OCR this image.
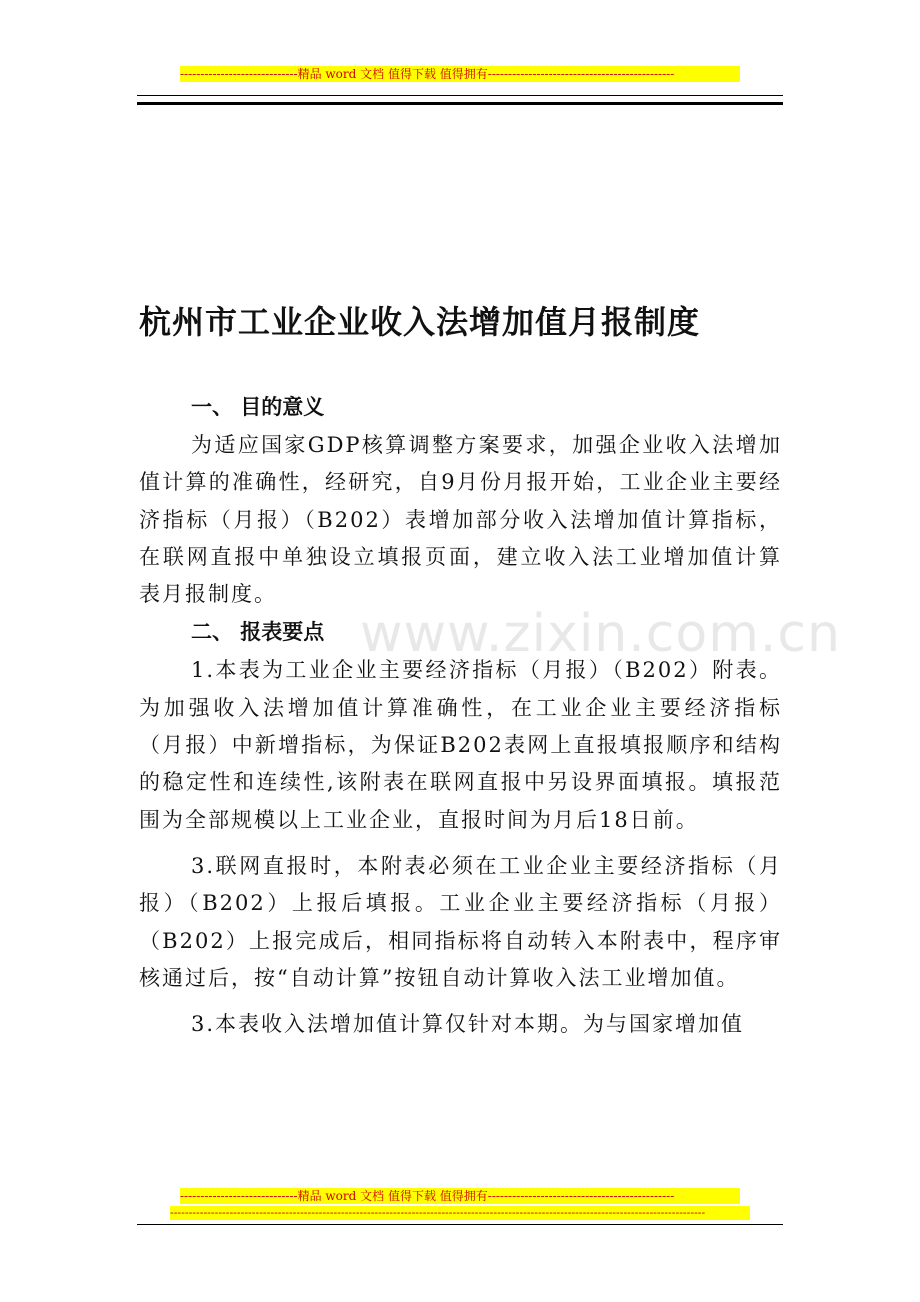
-----------------------------精品 word 文档 值得下载 值得拥有----------------------------------------------
www.zixin.com.cn
杭州市工业企业收入法增加值月报制度
一、 目的意义

为适应国家GDP核算调整方案要求，加强企业收入法增加值计算的准确性，经研究，自9月份月报开始，工业企业主要经济指标（月报）（B202）表增加部分收入法增加值计算指标，在联网直报中单独设立填报页面，建立收入法工业增加值计算表月报制度。

二、 报表要点

1.本表为工业企业主要经济指标（月报）（B202）附表。为加强收入法增加值计算准确性，在工业企业主要经济指标（月报）中新增指标，为保证B202表网上直报填报顺序和结构的稳定性和连续性,该附表在联网直报中另设界面填报。填报范围为全部规模以上工业企业，直报时间为月后18日前。

3.联网直报时，本附表必须在工业企业主要经济指标（月报）（B202）上报后填报。工业企业主要经济指标（月报）（B202）上报完成后，相同指标将自动转入本附表中，程序审核通过后，按“自动计算”按钮自动计算收入法工业增加值。

3.本表收入法增加值计算仅针对本期。为与国家增加值

-----------------------------精品 word 文档 值得下载 值得拥有----------------------------------------------
------------------------------------------------------------------------------------------------------------------------------------------------
